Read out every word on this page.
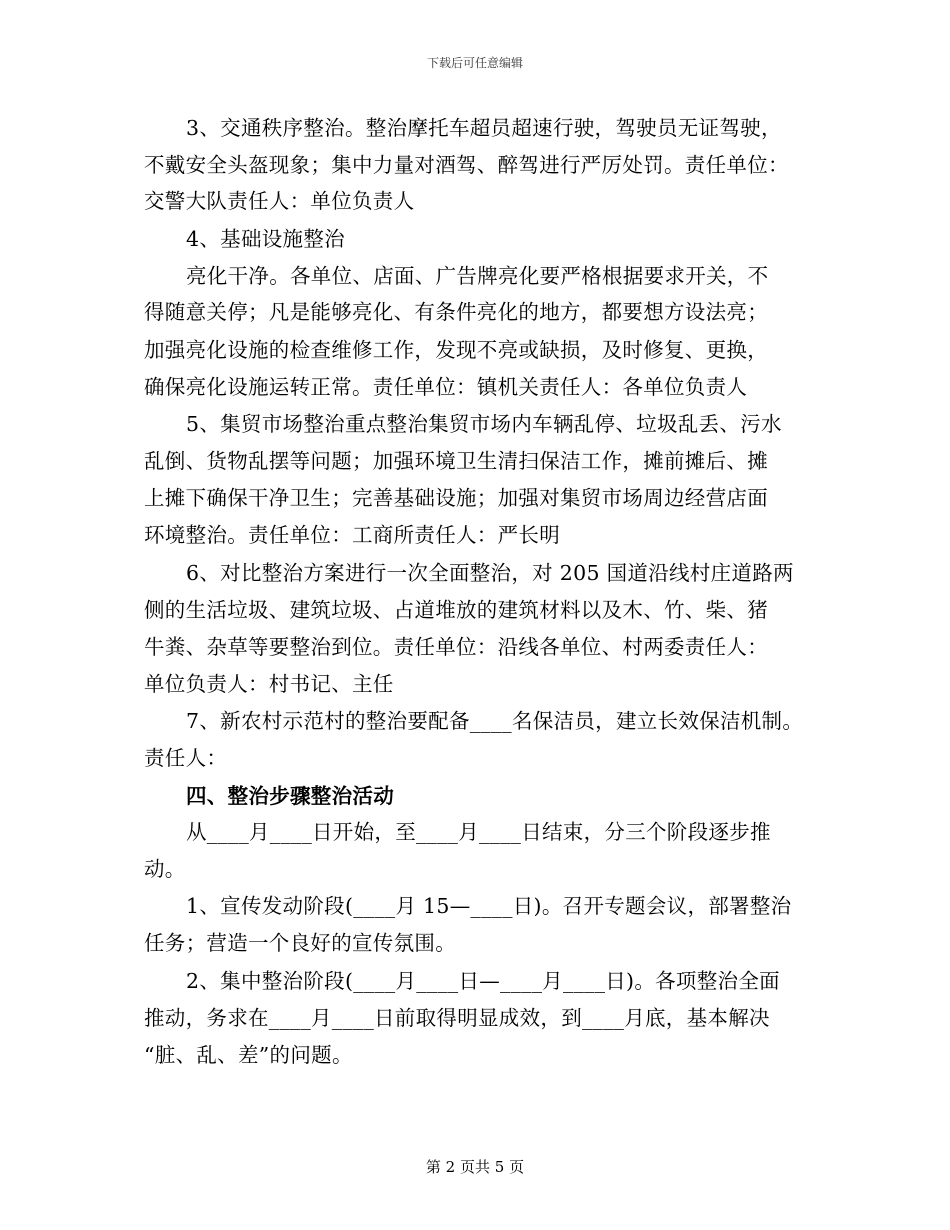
下载后可任意编辑
3、交通秩序整治。整治摩托车超员超速行驶，驾驶员无证驾驶，
不戴安全头盔现象；集中力量对酒驾、醉驾进行严厉处罚。责任单位：
交警大队责任人：单位负责人
4、基础设施整治
亮化干净。各单位、店面、广告牌亮化要严格根据要求开关，不
得随意关停；凡是能够亮化、有条件亮化的地方，都要想方设法亮；
加强亮化设施的检查维修工作，发现不亮或缺损，及时修复、更换，
确保亮化设施运转正常。责任单位：镇机关责任人：各单位负责人
5、集贸市场整治重点整治集贸市场内车辆乱停、垃圾乱丢、污水
乱倒、货物乱摆等问题；加强环境卫生清扫保洁工作，摊前摊后、摊
上摊下确保干净卫生；完善基础设施；加强对集贸市场周边经营店面
环境整治。责任单位：工商所责任人：严长明
6、对比整治方案进行一次全面整治，对 205 国道沿线村庄道路两
侧的生活垃圾、建筑垃圾、占道堆放的建筑材料以及木、竹、柴、猪
牛粪、杂草等要整治到位。责任单位：沿线各单位、村两委责任人：
单位负责人：村书记、主任
7、新农村示范村的整治要配备____名保洁员，建立长效保洁机制。
责任人：
四、整治步骤整治活动
从____月____日开始，至____月____日结束，分三个阶段逐步推
动。
1、宣传发动阶段(____月 15—____日)。召开专题会议，部署整治
任务；营造一个良好的宣传氛围。
2、集中整治阶段(____月____日—____月____日)。各项整治全面
推动，务求在____月____日前取得明显成效，到____月底，基本解决
“脏、乱、差”的问题。
第 2 页共 5 页
